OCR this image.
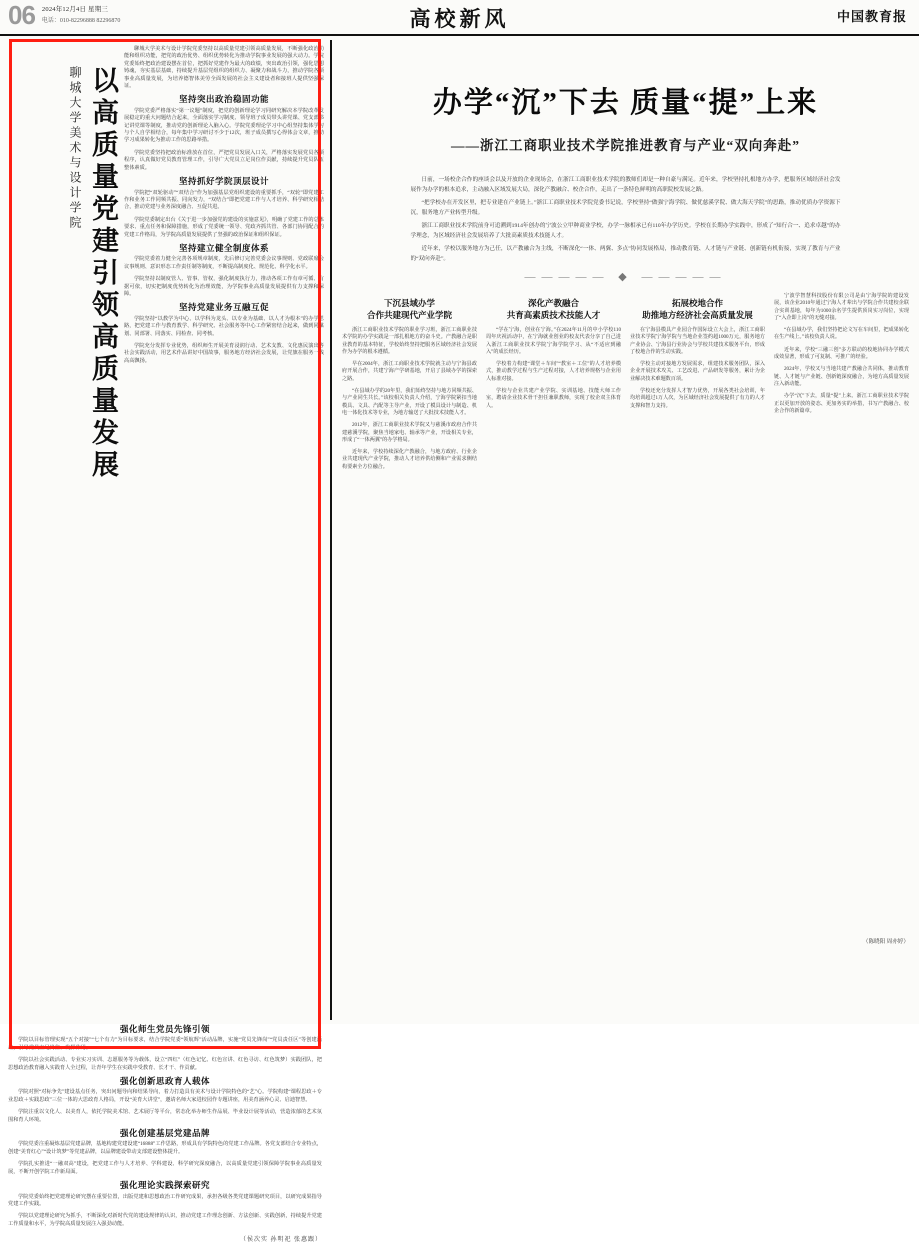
06 2024年12月4日 星期三
电话：010-82296888 82296870	高校新风	中国教育报
以高质量党建引领高质量发展
聊城大学美术与设计学院

聊城大学美术与设计学院党委坚持以高质量党建引领高质量发展，不断强化政治功能和组织功能，把党的政治优势、组织优势转化为推动学院事业发展的强大动力。学院党委始终把政治建设摆在首位，把抓好党建作为最大的政绩，突出政治引领，强化思想铸魂，夯实基层基础，持续提升基层党组织的组织力、凝聚力和战斗力，推动学院各项事业高质量发展，为培养德智体美劳全面发展的社会主义建设者和接班人提供坚强保证。

坚持突出政治稳固功能

学院党委严格落实“第一议题”制度，把党的创新理论学习同研究解决本学院改革发展稳定的重大问题结合起来，全面落实学习制度、领导班子成员带头讲党课、党支部书记讲党课等制度，推动党的创新理论入脑入心。学院党委理论学习中心组坚持集体学习与个人自学相结合，每年集中学习研讨不少于12次，班子成员撰写心得体会文章，推动学习成果转化为推动工作的思路举措。

学院党委坚持把政治标准放在首位，严把党员发展入口关，严格落实发展党员各项程序，认真做好党员教育管理工作，引导广大党员立足岗位作贡献，持续提升党员队伍整体素质。

坚持抓好学院顶层设计

学院把“双轮驱动”“双结合”作为加强基层党组织建设的重要抓手，“双轮”即党建工作和业务工作同频共振、同向发力，“双结合”即把党建工作与人才培养、科学研究相结合，推动党建与业务深度融合、互促共进。

学院党委制定出台《关于进一步加强党的建设的实施意见》，明确了党建工作的总体要求、重点任务和保障措施，形成了党委统一领导、党政齐抓共管、各部门协同配合的党建工作格局，为学院高质量发展提供了坚强的政治保证和组织保证。

坚持建立健全制度体系

学院党委着力健全完善各项规章制度，先后修订完善党委会议事规则、党政联席会议事规则、意识形态工作责任制等制度，不断提高制度化、规范化、科学化水平。

学院坚持以制度管人、管事、管权，强化制度执行力，推动各项工作有章可循、有据可依，切实把制度优势转化为治理效能，为学院事业高质量发展提供有力支撑和保障。

坚持党建业务互融互促

学院坚持“以教学为中心、以学科为龙头、以专业为基础、以人才为根本”的办学思路，把党建工作与教育教学、科学研究、社会服务等中心工作紧密结合起来，做到同谋划、同部署、同落实、同检查、同考核。

学院充分发挥专业优势，组织师生开展美育浸润行动、艺术支教、文化惠民演出等社会实践活动，用艺术作品讲好中国故事，服务地方经济社会发展，让党旗在服务一线高高飘扬。

强化师生党员先锋引领

学院以目标管理实现“五个对接”“七个有力”为目标要求，结合学院党委“领航辉”活动品牌，实施“党员先锋岗”“党员责任区”等创建活动，引导党员立足岗位、发挥作用。

学院以社会实践活动、专业实习实训、志愿服务等为载体，设立“四红”（红色记忆、红色宣讲、红色寻访、红色筑梦）实践团队，把思想政治教育融入实践育人全过程，让青年学生在实践中受教育、长才干、作贡献。

强化创新思政育人载体

学院对照“对标争先”建设基点任务，突出问题导向和结果导向，着力打造具有美术与设计学院特色的“艺”心。学院构建“课程思政＋专业思政＋实践思政”三位一体的大思政育人格局，开设“美育大讲堂”，邀请名师大家进校园作专题讲座，用美育涵养心灵、启迪智慧。

学院注重以文化人、以美育人，依托学院美术馆、艺术展厅等平台，常态化举办师生作品展、毕业设计展等活动，营造浓郁的艺术氛围和育人环境。

强化创建基层党建品牌

学院党委注重凝炼基层党建品牌，基地构建党建设建“16888”工作思路，形成具有学院特色的党建工作品牌。各党支部结合专业特点，创建“美育红心”“设计筑梦”等党建品牌，以品牌建设带动支部建设整体提升。

学院扎实推进“一融双高”建设，把党建工作与人才培养、学科建设、科学研究深度融合，以高质量党建引领保障学院事业高质量发展，不断开创学院工作新局面。

强化理论实践探索研究

学院党委始终把党建理论研究摆在重要位置，出版党建和思想政治工作研究成果，承担各级各类党建课题研究项目，以研究成果指导党建工作实践。

学院以党建理论研究为抓手，不断深化对新时代党的建设规律的认识，推动党建工作理念创新、方法创新、实践创新，持续提升党建工作质量和水平，为学院高质量发展注入强劲动能。

（侯次实 孙明祀 张惠跟）
办学“沉”下去 质量“提”上来
——浙江工商职业技术学院推进教育与产业“双向奔赴”

日前，一场校企合作的座谈会以及开放的企业现场会，在浙江工商职业技术学院的教师们却是一种自豪与满足。近年来，学校坚持扎根地方办学，把服务区域经济社会发展作为办学的根本追求，主动融入区域发展大局，深化产教融合、校企合作，走出了一条特色鲜明的高职院校发展之路。

“把学校办在开发区里，把专业建在产业链上。”浙江工商职业技术学院党委书记说，学校坚持“做强宁海学院、做优慈溪学院、做大海天学院”的思路，推动优质办学资源下沉，服务地方产业转型升级。

浙江工商职业技术学院前身可追溯到1914年创办的宁波公立甲种商业学校，办学一脉相承已有110年办学历史。学校在长期办学实践中，形成了“知行合一、追求卓越”的办学理念，为区域经济社会发展培养了大批高素质技术技能人才。

近年来，学校以服务地方为己任，以产教融合为主线，不断深化“一体、两翼、多点”协同发展格局，推动教育链、人才链与产业链、创新链有机衔接，实现了教育与产业的“双向奔赴”。

————— ◆ —————
下沉县域办学
合作共建现代产业学院

浙江工商职业技术学院的职业学习班，浙江工商职业技术学院的办学实践是一部扎根地方的奋斗史。产教融合是职业教育的基本特征，学校始终坚持把服务区域经济社会发展作为办学的根本遵循。

早在2004年，浙江工商职业技术学院就主动与宁海县政府开展合作，共建宁海产学研基地，开启了县域办学的探索之路。

“在县域办学的20年里，我们始终坚持与地方同频共振、与产业同生共长。”该校相关负责人介绍，宁海学院紧扣当地模具、文具、汽配等主导产业，开设了模具设计与制造、机电一体化技术等专业，为地方输送了大批技术技能人才。

2012年，浙江工商职业技术学院又与慈溪市政府合作共建慈溪学院，聚焦当地家电、轴承等产业，开设相关专业，形成了“一体两翼”的办学格局。

近年来，学校持续深化产教融合，与地方政府、行业企业共建现代产业学院，推动人才培养供给侧和产业需求侧结构要素全方位融合。

深化产教融合
共育高素质技术技能人才

“学在宁海，创业在宁海。”在2024年11月的中小学校110周年庆祝活动中，在宁海就业创业的校友代表分享了自己进入浙江工商职业技术学院宁海学院学习、从“不适应到融入”的成长经历。

学校着力构建“课堂＋车间”“教室＋工位”的人才培养模式，推动教学过程与生产过程对接，人才培养规格与企业用人标准对接。

学校与企业共建产业学院、实训基地、技能大师工作室，聘请企业技术骨干担任兼职教师，实现了校企双主体育人。

拓展校地合作
助推地方经济社会高质量发展

在宁海县模具产业园合作国际设立大会上，浙江工商职业技术学院宁海学院与当地企业签约超1000万元，服务地方产业协会、宁海县行业协会与学校共建技术服务平台，形成了校地合作的生动实践。

学校主动对接地方发展需求，组建技术服务团队，深入企业开展技术攻关、工艺改进、产品研发等服务，累计为企业解决技术难题数百项。

学校还充分发挥人才智力优势，开展各类社会培训，年均培训超过1万人次，为区域经济社会发展提供了有力的人才支撑和智力支持。

宁波学智慧科技股份有限公司是由宁海学院的建设发展，该企业2010年通过宁海人才辈出与学院合作共建校企联合实训基地，每年为1000余名学生提供顶岗实习岗位，实现了“入企即上岗”的无缝对接。

“在县域办学，我们坚持把论文写在车间里，把成果转化在生产线上。”该校负责人说。

近年来，学校“三融三创”多方联动的校地协同办学模式成效显著，形成了可复制、可推广的经验。

2024年，学校又与当地共建产教融合共同体，推动教育链、人才链与产业链、创新链深度融合，为地方高质量发展注入新动能。

办学“沉”下去，质量“提”上来。浙江工商职业技术学院正以更加开放的姿态、更加务实的举措，书写产教融合、校企合作的新篇章。

（陈晓阳 周亦婷）
